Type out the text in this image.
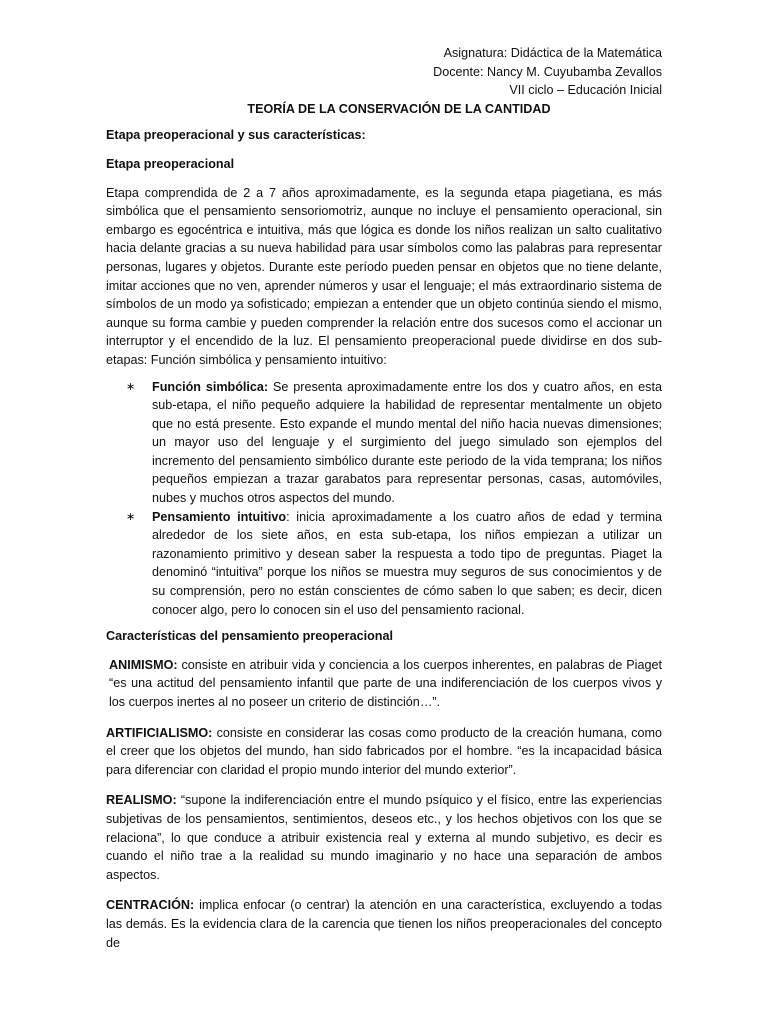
Asignatura: Didáctica de la Matemática
Docente: Nancy M. Cuyubamba Zevallos
VII ciclo – Educación Inicial
TEORÍA DE LA CONSERVACIÓN DE LA CANTIDAD
Etapa preoperacional y sus características:
Etapa preoperacional

Etapa comprendida de 2 a 7 años aproximadamente, es la segunda etapa piagetiana, es más simbólica que el pensamiento sensoriomotriz, aunque no incluye el pensamiento operacional, sin embargo es egocéntrica e intuitiva, más que lógica es donde los niños realizan un salto cualitativo hacia delante gracias a su nueva habilidad para usar símbolos como las palabras para representar personas, lugares y objetos. Durante este período pueden pensar en objetos que no tiene delante, imitar acciones que no ven, aprender números y usar el lenguaje; el más extraordinario sistema de símbolos de un modo ya sofisticado; empiezan a entender que un objeto continúa siendo el mismo, aunque su forma cambie y pueden comprender la relación entre dos sucesos como el accionar un interruptor y el encendido de la luz. El pensamiento preoperacional puede dividirse en dos sub-etapas: Función simbólica y pensamiento intuitivo:

∗ Función simbólica: Se presenta aproximadamente entre los dos y cuatro años, en esta sub-etapa, el niño pequeño adquiere la habilidad de representar mentalmente un objeto que no está presente. Esto expande el mundo mental del niño hacia nuevas dimensiones; un mayor uso del lenguaje y el surgimiento del juego simulado son ejemplos del incremento del pensamiento simbólico durante este periodo de la vida temprana; los niños pequeños empiezan a trazar garabatos para representar personas, casas, automóviles, nubes y muchos otros aspectos del mundo.
∗ Pensamiento intuitivo: inicia aproximadamente a los cuatro años de edad y termina alrededor de los siete años, en esta sub-etapa, los niños empiezan a utilizar un razonamiento primitivo y desean saber la respuesta a todo tipo de preguntas. Piaget la denominó “intuitiva” porque los niños se muestra muy seguros de sus conocimientos y de su comprensión, pero no están conscientes de cómo saben lo que saben; es decir, dicen conocer algo, pero lo conocen sin el uso del pensamiento racional.
Características del pensamiento preoperacional

ANIMISMO: consiste en atribuir vida y conciencia a los cuerpos inherentes, en palabras de Piaget “es una actitud del pensamiento infantil que parte de una indiferenciación de los cuerpos vivos y los cuerpos inertes al no poseer un criterio de distinción…”.

ARTIFICIALISMO: consiste en considerar las cosas como producto de la creación humana, como el creer que los objetos del mundo, han sido fabricados por el hombre. “es la incapacidad básica para diferenciar con claridad el propio mundo interior del mundo exterior”.

REALISMO: “supone la indiferenciación entre el mundo psíquico y el físico, entre las experiencias subjetivas de los pensamientos, sentimientos, deseos etc., y los hechos objetivos con los que se relaciona”, lo que conduce a atribuir existencia real y externa al mundo subjetivo, es decir es cuando el niño trae a la realidad su mundo imaginario y no hace una separación de ambos aspectos.

CENTRACIÓN: implica enfocar (o centrar) la atención en una característica, excluyendo a todas las demás. Es la evidencia clara de la carencia que tienen los niños preoperacionales del concepto de
